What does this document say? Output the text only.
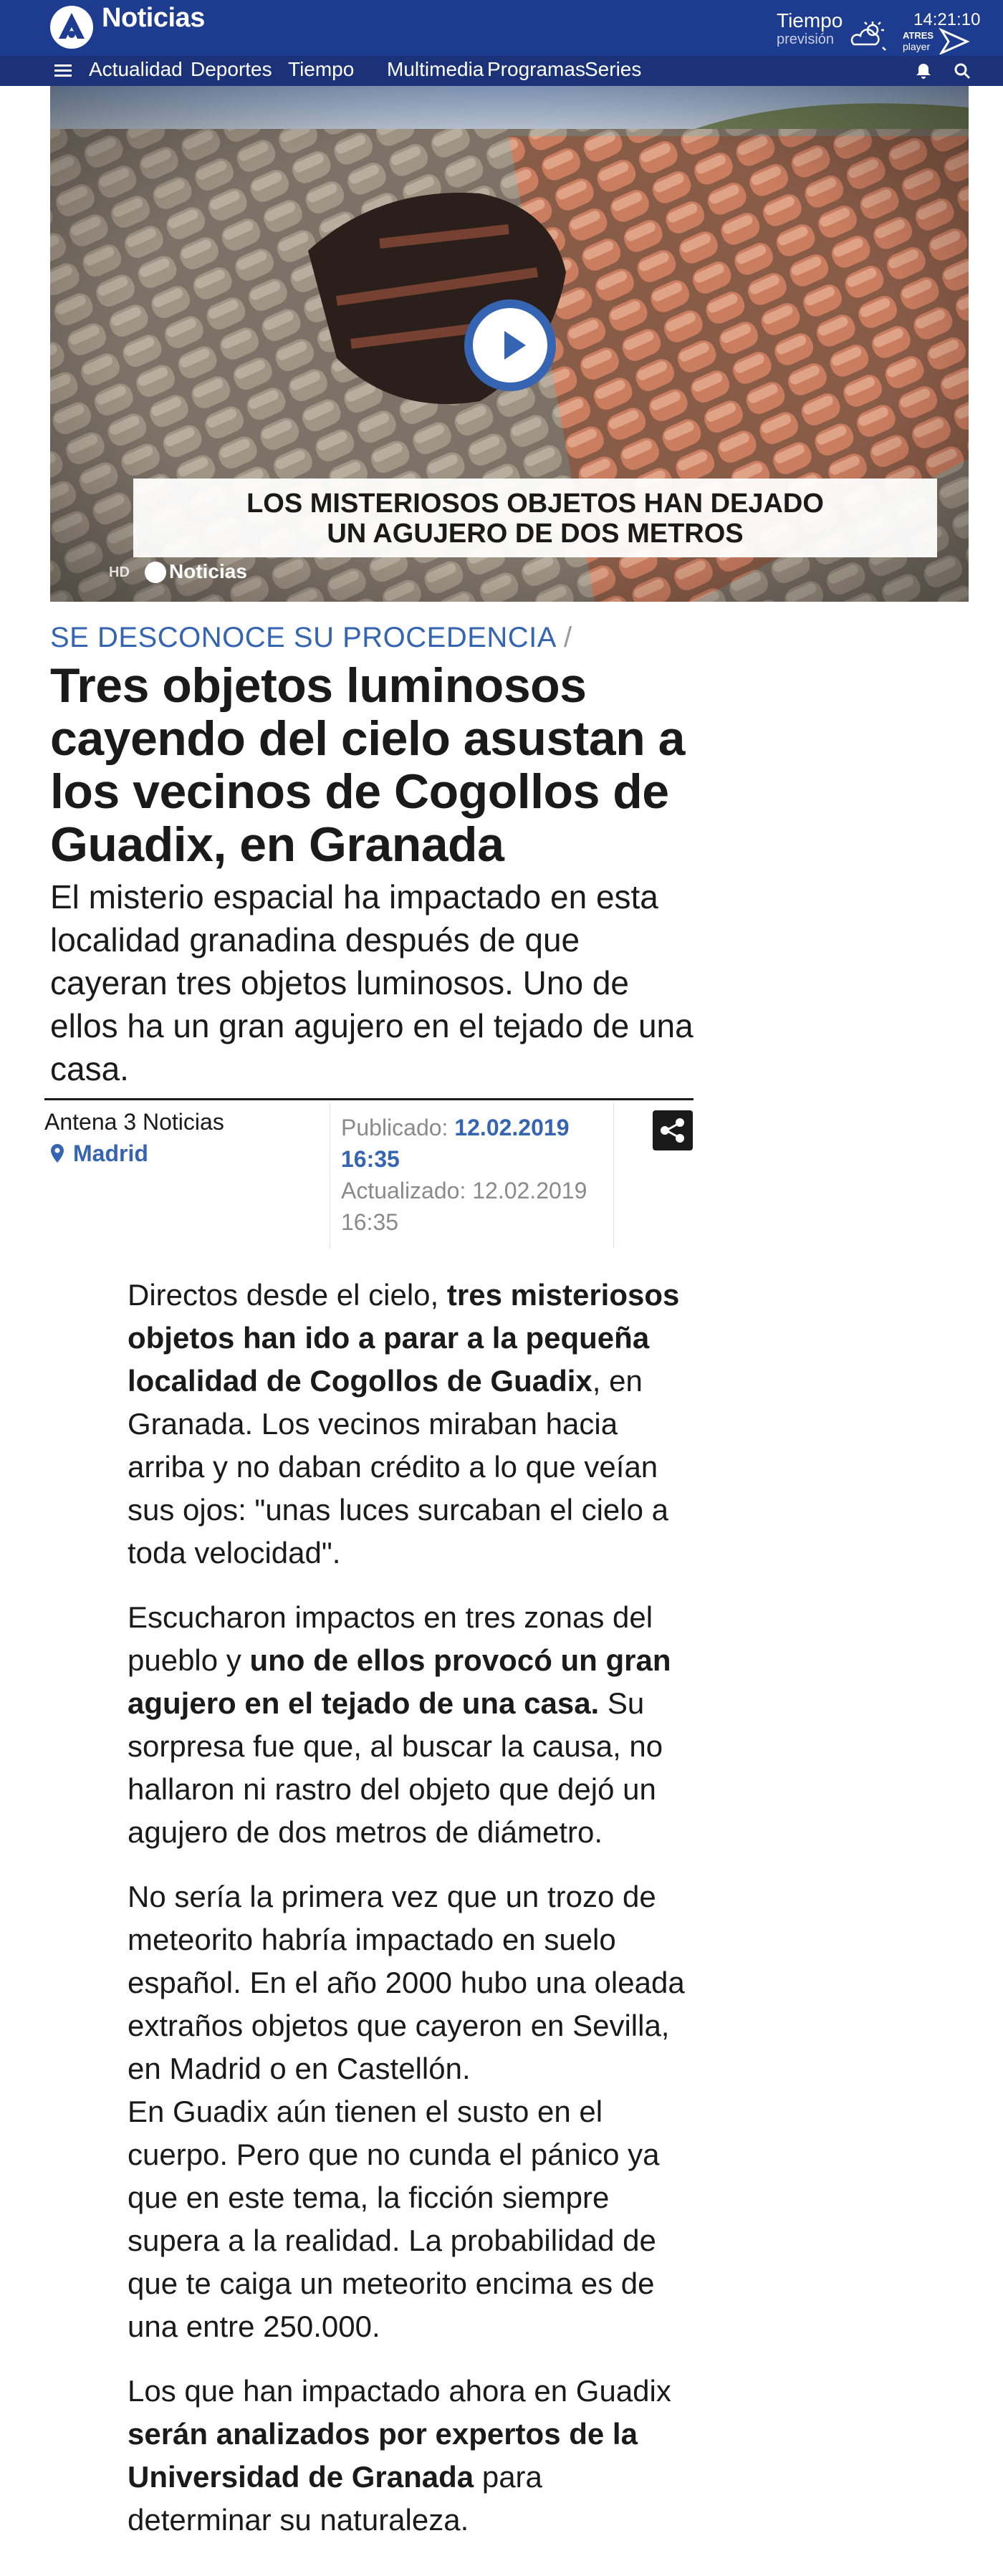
Noticias	Tiempo
previsión
14:21:10
ATRES
player
Actualidad Deportes Tiempo Multimedia Programas Series
LOS MISTERIOSOS OBJETOS HAN DEJADO
UN AGUJERO DE DOS METROS
HD Noticias
SE DESCONOCE SU PROCEDENCIA /
Tres objetos luminosos cayendo del cielo asustan a los vecinos de Cogollos de Guadix, en Granada

El misterio espacial ha impactado en esta localidad granadina después de que cayeran tres objetos luminosos. Uno de ellos ha un gran agujero en el tejado de una casa.

Antena 3 Noticias
Madrid
Publicado: 12.02.2019 16:35
Actualizado: 12.02.2019 16:35

Directos desde el cielo, tres misteriosos objetos han ido a parar a la pequeña localidad de Cogollos de Guadix, en Granada. Los vecinos miraban hacia arriba y no daban crédito a lo que veían sus ojos: "unas luces surcaban el cielo a toda velocidad".

Escucharon impactos en tres zonas del pueblo y uno de ellos provocó un gran agujero en el tejado de una casa. Su sorpresa fue que, al buscar la causa, no hallaron ni rastro del objeto que dejó un agujero de dos metros de diámetro.

No sería la primera vez que un trozo de meteorito habría impactado en suelo español. En el año 2000 hubo una oleada extraños objetos que cayeron en Sevilla, en Madrid o en Castellón.

En Guadix aún tienen el susto en el cuerpo. Pero que no cunda el pánico ya que en este tema, la ficción siempre supera a la realidad. La probabilidad de que te caiga un meteorito encima es de una entre 250.000.

Los que han impactado ahora en Guadix serán analizados por expertos de la Universidad de Granada para determinar su naturaleza.
